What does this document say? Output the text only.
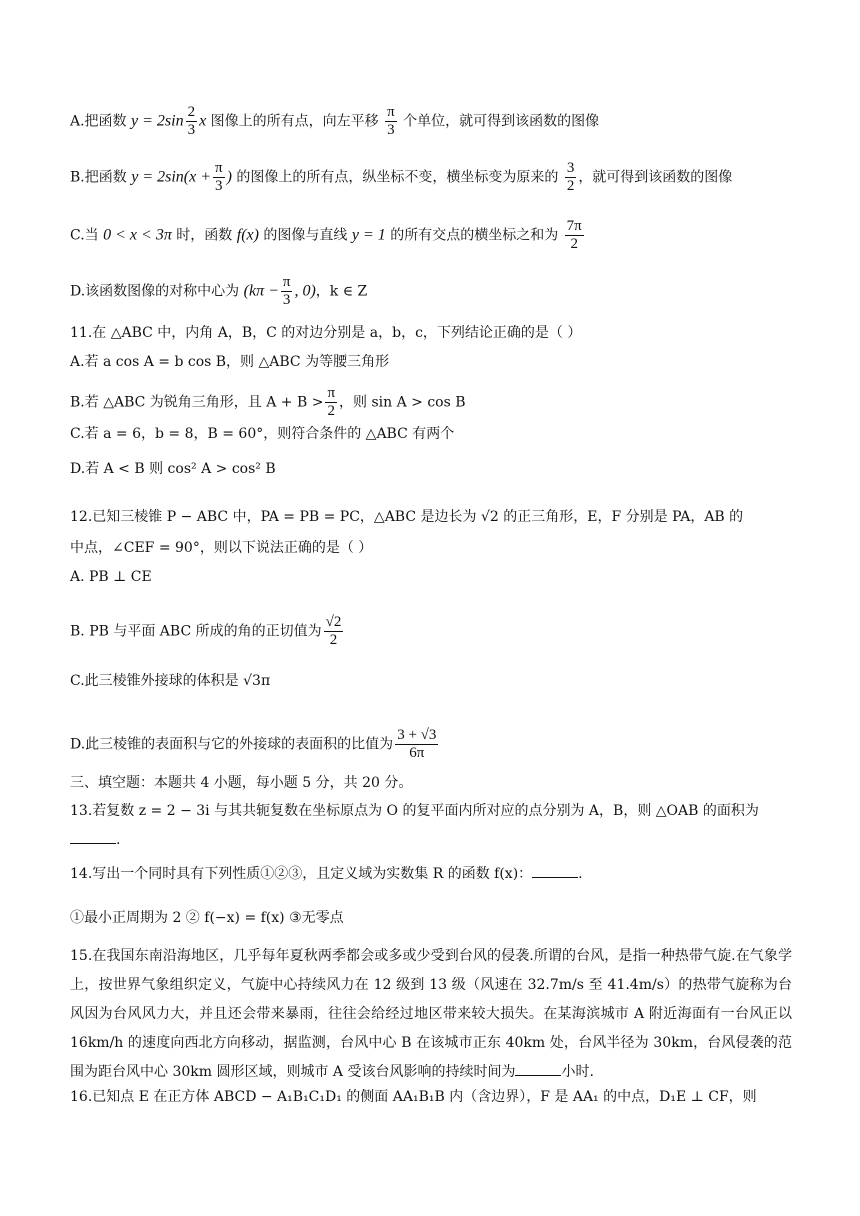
A.把函数 $y = 2\sin \frac{2}{3}$ x 图像上的所有点，向左平移 $\frac{\pi}{3}$ 个单位，就可得到该函数的图像
B.把函数 $y = 2\sin(x + \frac{\pi}{3}$ ) 的图像上的所有点，纵坐标不变，横坐标变为原来的 $\frac{3}{2}$ ，就可得到该函数的图像
C.当 0 < x < 3π 时，函数 f(x) 的图像与直线 y = 1 的所有交点的横坐标之和为 $\frac{7\pi}{2}$
D.该函数图像的对称中心为 ($k\pi - \frac{\pi}{3}$ , 0)，k ∈ Z
11.在 △ABC 中，内角 A，B，C 的对边分别是 a，b，c，下列结论正确的是（ ）
A.若 a cos A = b cos B，则 △ABC 为等腰三角形
B.若 △ABC 为锐角三角形，且 $A + B > \frac{\pi}{2}$ ，则 sin A > cos B
C.若 a = 6，b = 8，B = 60°，则符合条件的 △ABC 有两个
D.若 A < B 则 cos² A > cos² B
12.已知三棱锥 P − ABC 中，PA = PB = PC，△ABC 是边长为 √2 的正三角形，E，F 分别是 PA，AB 的
中点，∠CEF = 90°，则以下说法正确的是（ ）
A. PB ⊥ CE
B. PB 与平面 ABC 所成的角的正切值为 $\frac{√2}{2}$
C.此三棱锥外接球的体积是 √3π
D.此三棱锥的表面积与它的外接球的表面积的比值为 $\frac{3 + √3}{6\pi}$
三、填空题：本题共 4 小题，每小题 5 分，共 20 分。
13.若复数 z = 2 − 3i 与其共轭复数在坐标原点为 O 的复平面内所对应的点分别为 A，B，则 △OAB 的面积为
.
14.写出一个同时具有下列性质①②③，且定义域为实数集 R 的函数 f(x)：	.
①最小正周期为 2 ② f(−x) = f(x) ③无零点
15.在我国东南沿海地区，几乎每年夏秋两季都会或多或少受到台风的侵袭.所谓的台风，是指一种热带气旋.在气象学上，按世界气象组织定义，气旋中心持续风力在 12 级到 13 级（风速在 32.7m/s 至 41.4m/s）的热带气旋称为台风因为台风风力大，并且还会带来暴雨，往往会给经过地区带来较大损失。在某海滨城市 A 附近海面有一台风正以 16km/h 的速度向西北方向移动，据监测，台风中心 B 在该城市正东 40km 处，台风半径为 30km，台风侵袭的范围为距台风中心 30km 圆形区域，则城市 A 受该台风影响的持续时间为	小时.
16.已知点 E 在正方体 ABCD − A₁B₁C₁D₁ 的侧面 AA₁B₁B 内（含边界），F 是 AA₁ 的中点，D₁E ⊥ CF，则
